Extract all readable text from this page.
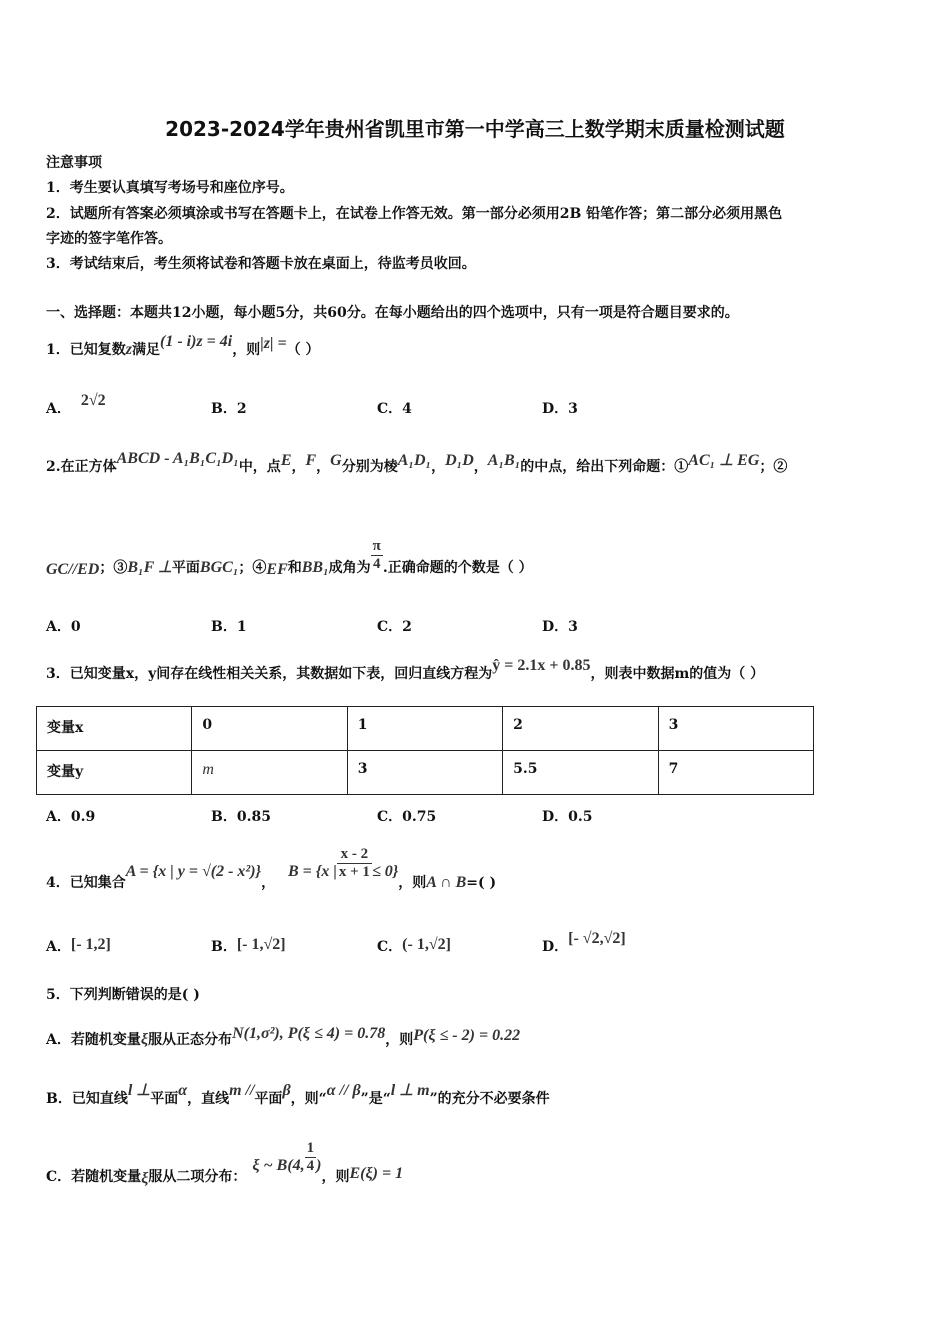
2023-2024学年贵州省凯里市第一中学高三上数学期末质量检测试题
注意事项
1．考生要认真填写考场号和座位序号。
2．试题所有答案必须填涂或书写在答题卡上，在试卷上作答无效。第一部分必须用2B 铅笔作答；第二部分必须用黑色
字迹的签字笔作答。
3．考试结束后，考生须将试卷和答题卡放在桌面上，待监考员收回。
一、选择题：本题共12小题，每小题5分，共60分。在每小题给出的四个选项中，只有一项是符合题目要求的。
1．已知复数z满足(1 - i)z = 4i，则|z| =（ ）
A． 2√2	B．2	C．4	D．3
2.在正方体ABCD - A₁B₁C₁D₁中，点E，F，G分别为棱A₁D₁，D₁D，A₁B₁的中点，给出下列命题：①AC₁ ⊥ EG；②
GC//ED；③B₁F ⊥平面BGC₁；④EF和BB₁成角为 $\frac{\pi}{4}$ .正确命题的个数是（ ）
A．0	B．1	C．2	D．3
3．已知变量x，y间存在线性相关关系，其数据如下表，回归直线方程为ŷ = 2.1x + 0.85，则表中数据m的值为（ ）
变量x	0	1	2	3
变量y	m	3	5.5	7
A．0.9	B．0.85	C．0.75	D．0.5
4．已知集合A = {x | y = √(2 - x²)}， B = {x | $\frac{x - 2}{x + 1} \le 0$}，则A ∩ B=( )
A．[- 1,2]	B．[- 1,√2]	C．(- 1,√2]	D．[- √2,√2]
5．下列判断错误的是( )
A．若随机变量ξ服从正态分布N(1,σ²), P(ξ ≤ 4) = 0.78，则P(ξ ≤ - 2) = 0.22
B．已知直线l ⊥平面α，直线m //平面β，则“α // β”是“l ⊥ m”的充分不必要条件
C．若随机变量ξ服从二项分布：ξ ~ B(4, $\frac{1}{4}$ )，则E(ξ) = 1
